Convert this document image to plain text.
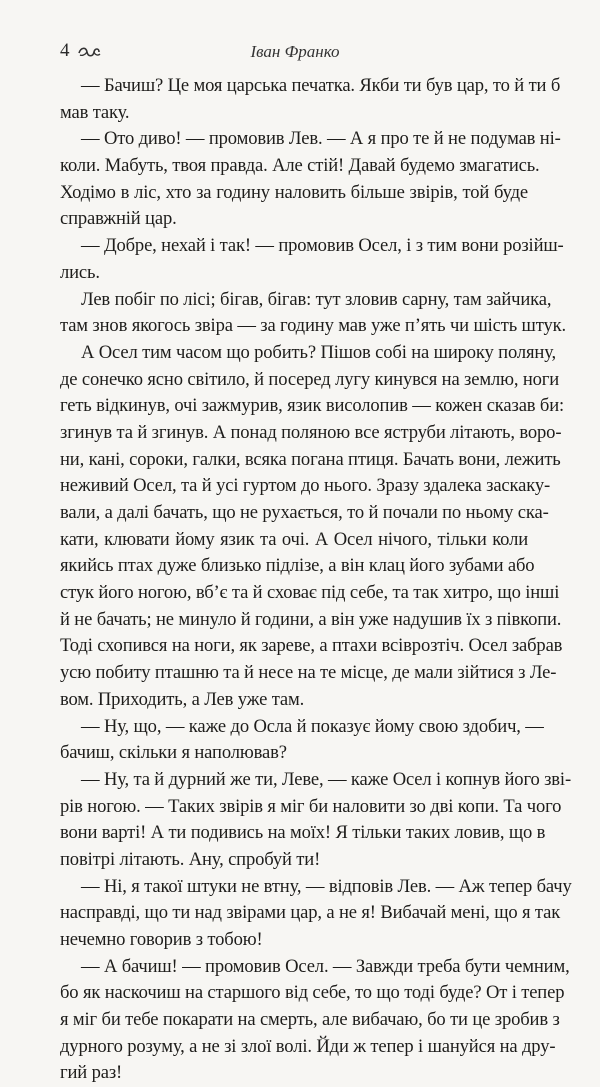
4	Іван Франко
— Бачиш? Це моя царська печатка. Якби ти був цар, то й ти б
мав таку.
— Ото диво! — промовив Лев. — А я про те й не подумав ні-
коли. Мабуть, твоя правда. Але стій! Давай будемо змагатись.
Ходімо в ліс, хто за годину наловить більше звірів, той буде
справжній цар.
— Добре, нехай і так! — промовив Осел, і з тим вони розійш-
лись.
Лев побіг по лісі; бігав, бігав: тут зловив сарну, там зайчика,
там знов якогось звіра — за годину мав уже п’ять чи шість штук.
А Осел тим часом що робить? Пішов собі на широку поляну,
де сонечко ясно світило, й посеред лугу кинувся на землю, ноги
геть відкинув, очі зажмурив, язик висолопив — кожен сказав би:
згинув та й згинув. А понад поляною все яструби літають, воро-
ни, кані, сороки, галки, всяка погана птиця. Бачать вони, лежить
неживий Осел, та й усі гуртом до нього. Зразу здалека заскаку-
вали, а далі бачать, що не рухається, то й почали по ньому ска-
кати, клювати йому язик та очі. А Осел нічого, тільки коли
якийсь птах дуже близько підлізе, а він клац його зубами або
стук його ногою, вб’є та й сховає під себе, та так хитро, що інші
й не бачать; не минуло й години, а він уже надушив їх з півкопи.
Тоді схопився на ноги, як зареве, а птахи всіврозтіч. Осел забрав
усю побиту пташню та й несе на те місце, де мали зійтися з Ле-
вом. Приходить, а Лев уже там.
— Ну, що, — каже до Осла й показує йому свою здобич, —
бачиш, скільки я наполював?
— Ну, та й дурний же ти, Леве, — каже Осел і копнув його зві-
рів ногою. — Таких звірів я міг би наловити зо дві копи. Та чого
вони варті! А ти подивись на моїх! Я тільки таких ловив, що в
повітрі літають. Ану, спробуй ти!
— Ні, я такої штуки не втну, — відповів Лев. — Аж тепер бачу
насправді, що ти над звірами цар, а не я! Вибачай мені, що я так
нечемно говорив з тобою!
— А бачиш! — промовив Осел. — Завжди треба бути чемним,
бо як наскочиш на старшого від себе, то що тоді буде? От і тепер
я міг би тебе покарати на смерть, але вибачаю, бо ти це зробив з
дурного розуму, а не зі злої волі. Йди ж тепер і шануйся на дру-
гий раз!
